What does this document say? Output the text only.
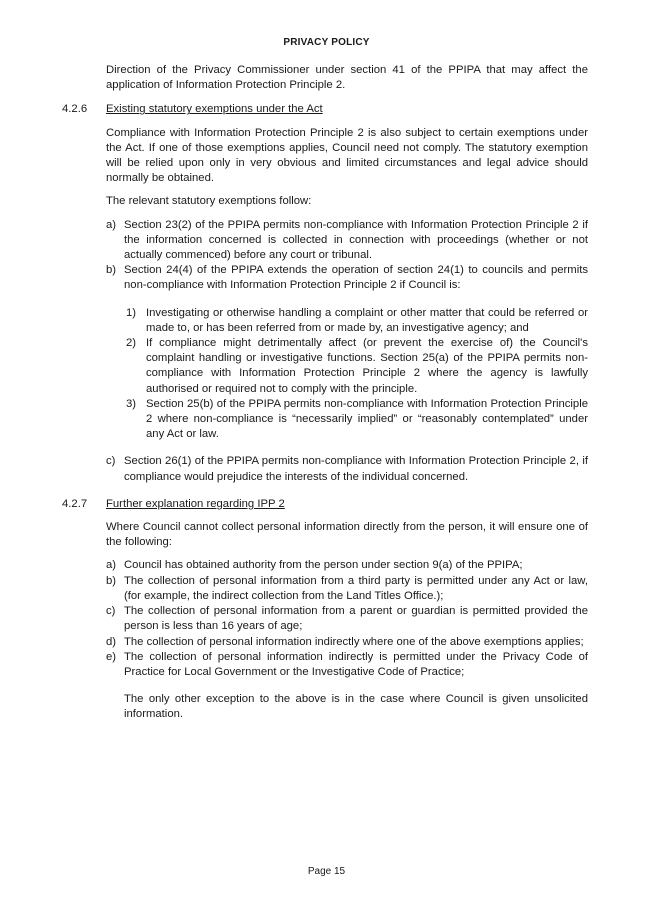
PRIVACY POLICY

Direction of the Privacy Commissioner under section 41 of the PPIPA that may affect the application of Information Protection Principle 2.

4.2.6 Existing statutory exemptions under the Act

Compliance with Information Protection Principle 2 is also subject to certain exemptions under the Act. If one of those exemptions applies, Council need not comply. The statutory exemption will be relied upon only in very obvious and limited circumstances and legal advice should normally be obtained.

The relevant statutory exemptions follow:

a) Section 23(2) of the PPIPA permits non-compliance with Information Protection Principle 2 if the information concerned is collected in connection with proceedings (whether or not actually commenced) before any court or tribunal.
b) Section 24(4) of the PPIPA extends the operation of section 24(1) to councils and permits non-compliance with Information Protection Principle 2 if Council is:
1) Investigating or otherwise handling a complaint or other matter that could be referred or made to, or has been referred from or made by, an investigative agency; and
2) If compliance might detrimentally affect (or prevent the exercise of) the Council's complaint handling or investigative functions. Section 25(a) of the PPIPA permits non-compliance with Information Protection Principle 2 where the agency is lawfully authorised or required not to comply with the principle.
3) Section 25(b) of the PPIPA permits non-compliance with Information Protection Principle 2 where non-compliance is “necessarily implied” or “reasonably contemplated” under any Act or law.
c) Section 26(1) of the PPIPA permits non-compliance with Information Protection Principle 2, if compliance would prejudice the interests of the individual concerned.
4.2.7 Further explanation regarding IPP 2

Where Council cannot collect personal information directly from the person, it will ensure one of the following:

a) Council has obtained authority from the person under section 9(a) of the PPIPA;
b) The collection of personal information from a third party is permitted under any Act or law, (for example, the indirect collection from the Land Titles Office.);
c) The collection of personal information from a parent or guardian is permitted provided the person is less than 16 years of age;
d) The collection of personal information indirectly where one of the above exemptions applies;
e) The collection of personal information indirectly is permitted under the Privacy Code of Practice for Local Government or the Investigative Code of Practice;

The only other exception to the above is in the case where Council is given unsolicited information.

Page 15
